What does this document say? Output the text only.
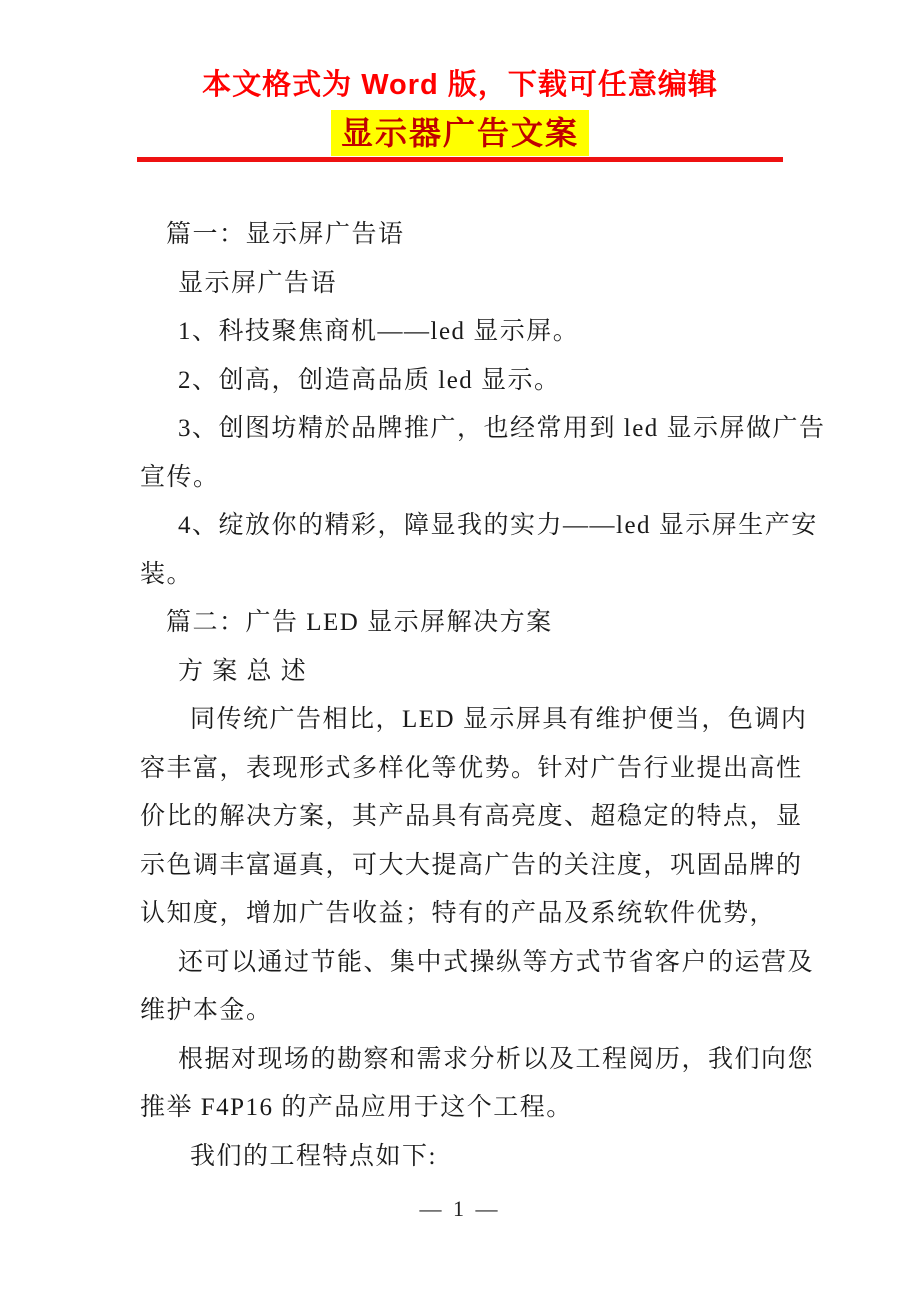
本文格式为 Word 版，下载可任意编辑
显示器广告文案
篇一：显示屏广告语
显示屏广告语
1、科技聚焦商机——led 显示屏。
2、创高，创造高品质 led 显示。
3、创图坊精於品牌推广，也经常用到 led 显示屏做广告
宣传。
4、绽放你的精彩，障显我的实力——led 显示屏生产安
装。
篇二：广告 LED 显示屏解决方案
方 案 总 述
同传统广告相比，LED 显示屏具有维护便当，色调内
容丰富，表现形式多样化等优势。针对广告行业提出高性
价比的解决方案，其产品具有高亮度、超稳定的特点，显
示色调丰富逼真，可大大提高广告的关注度，巩固品牌的
认知度，增加广告收益；特有的产品及系统软件优势，
还可以通过节能、集中式操纵等方式节省客户的运营及
维护本金。
根据对现场的勘察和需求分析以及工程阅历，我们向您
推举 F4P16 的产品应用于这个工程。
我们的工程特点如下:
— 1 —
